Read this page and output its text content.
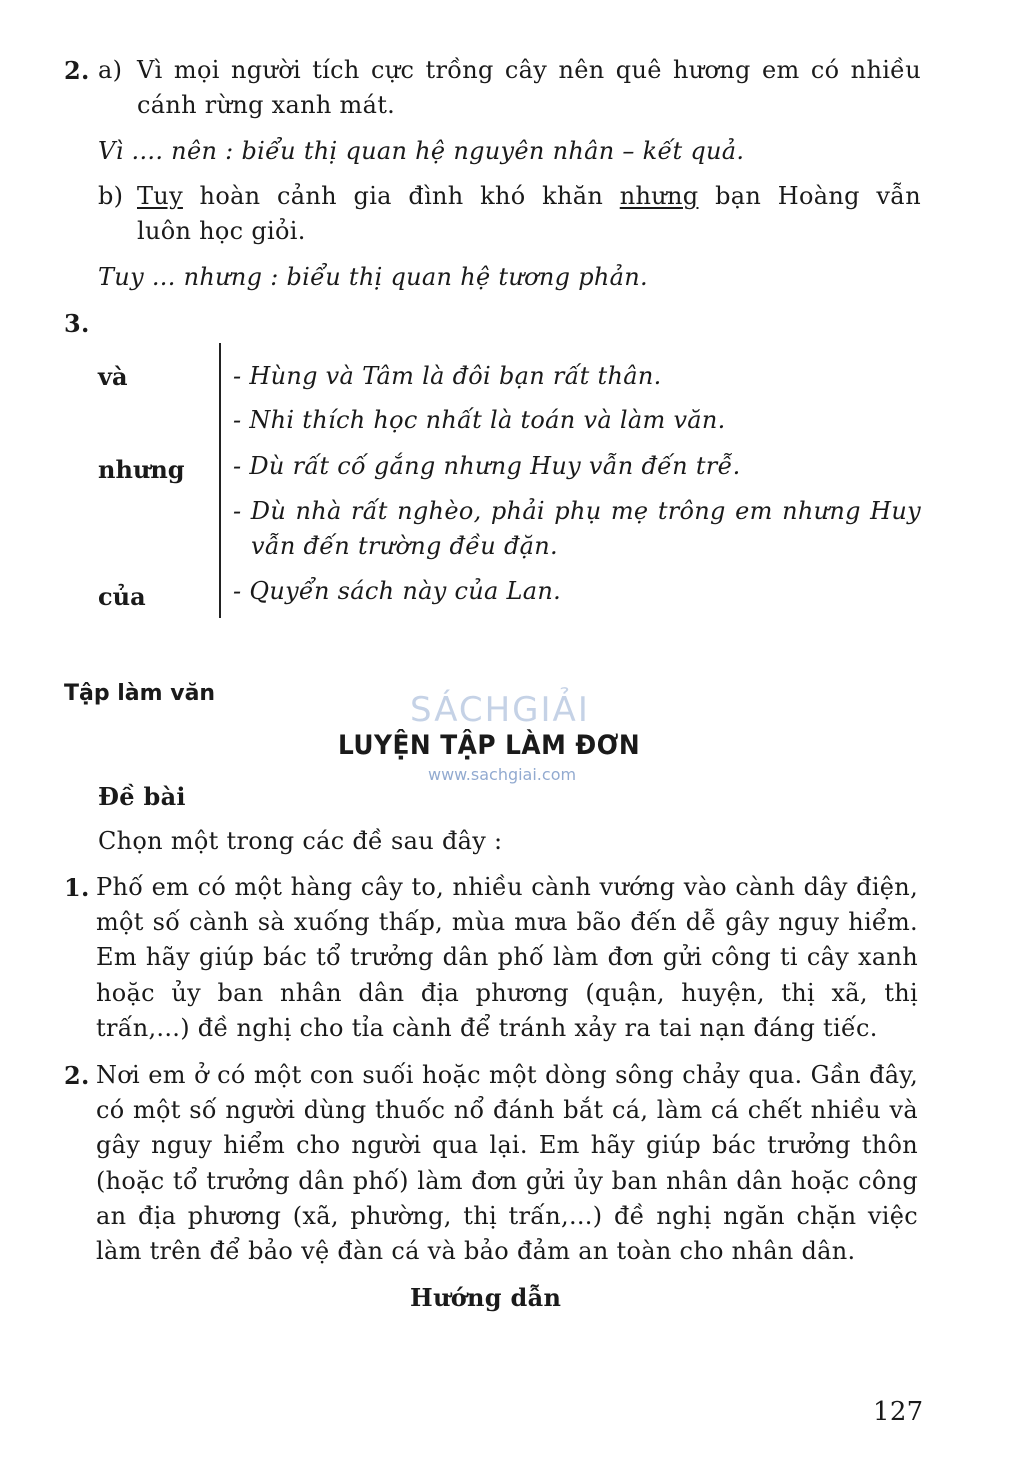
2. a) Vì mọi người tích cực trồng cây nên quê hương em có nhiều
cánh rừng xanh mát.
Vì .... nên : biểu thị quan hệ nguyên nhân – kết quả.
b) Tuy hoàn cảnh gia đình khó khăn nhưng bạn Hoàng vẫn
luôn học giỏi.
Tuy ... nhưng : biểu thị quan hệ tương phản.
3.
và
nhưng
của
- Hùng và Tâm là đôi bạn rất thân.
- Nhi thích học nhất là toán và làm văn.
- Dù rất cố gắng nhưng Huy vẫn đến trễ.
- Dù nhà rất nghèo, phải phụ mẹ trông em nhưng Huy
vẫn đến trường đều đặn.
- Quyển sách này của Lan.
Tập làm văn	SÁCHGIẢI
www.sachgiai.com
LUYỆN TẬP LÀM ĐƠN
Đề bài
Chọn một trong các đề sau đây :
1. Phố em có một hàng cây to, nhiều cành vướng vào cành dây điện,
một số cành sà xuống thấp, mùa mưa bão đến dễ gây nguy hiểm.
Em hãy giúp bác tổ trưởng dân phố làm đơn gửi công ti cây xanh
hoặc ủy ban nhân dân địa phương (quận, huyện, thị xã, thị
trấn,...) đề nghị cho tỉa cành để tránh xảy ra tai nạn đáng tiếc.
2. Nơi em ở có một con suối hoặc một dòng sông chảy qua. Gần đây,
có một số người dùng thuốc nổ đánh bắt cá, làm cá chết nhiều và
gây nguy hiểm cho người qua lại. Em hãy giúp bác trưởng thôn
(hoặc tổ trưởng dân phố) làm đơn gửi ủy ban nhân dân hoặc công
an địa phương (xã, phường, thị trấn,...) đề nghị ngăn chặn việc
làm trên để bảo vệ đàn cá và bảo đảm an toàn cho nhân dân.
Hướng dẫn
127
